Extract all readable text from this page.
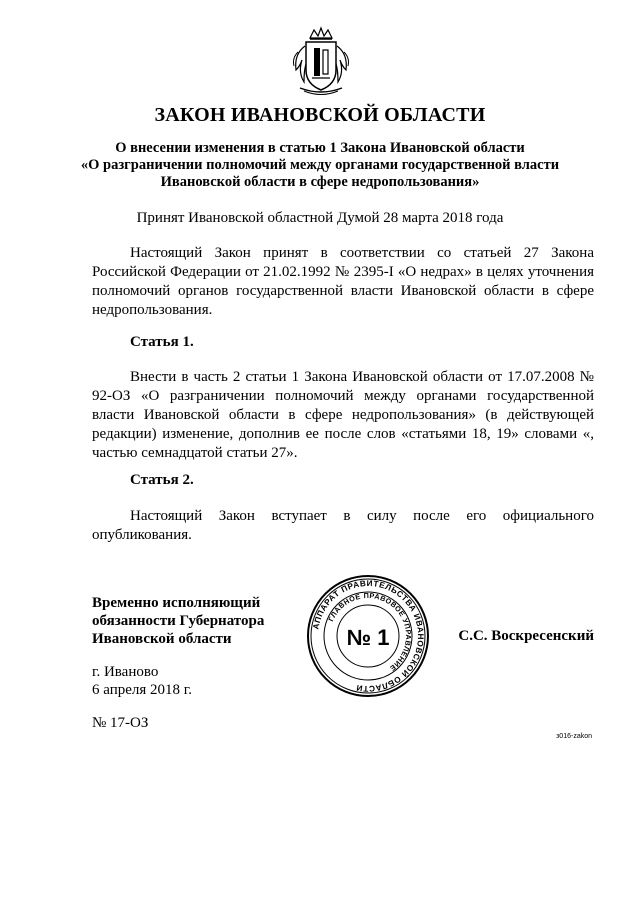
ЗАКОН ИВАНОВСКОЙ ОБЛАСТИ
О внесении изменения в статью 1 Закона Ивановской области
«О разграничении полномочий между органами государственной власти
Ивановской области в сфере недропользования»
Принят Ивановской областной Думой 28 марта 2018 года

Настоящий Закон принят в соответствии со статьей 27 Закона Российской Федерации от 21.02.1992 № 2395-I «О недрах» в целях уточнения полномочий органов государственной власти Ивановской области в сфере недропользования.

Статья 1.

Внести в часть 2 статьи 1 Закона Ивановской области от 17.07.2008 № 92-ОЗ «О разграничении полномочий между органами государственной власти Ивановской области в сфере недропользования» (в действующей редакции) изменение, дополнив ее после слов «статьями 18, 19» словами «, частью семнадцатой статьи 27».

Статья 2.

Настоящий Закон вступает в силу после его официального опубликования.

Временно исполняющий
обязанности Губернатора
Ивановской области
АППАРАТ ПРАВИТЕЛЬСТВА ИВАНОВСКОЙ ОБЛАСТИ
ГЛАВНОЕ ПРАВОВОЕ УПРАВЛЕНИЕ
№ 1	С.С. Воскресенский
г. Иваново
6 апреля 2018 г.
№ 17-ОЗ
з016-zakon
